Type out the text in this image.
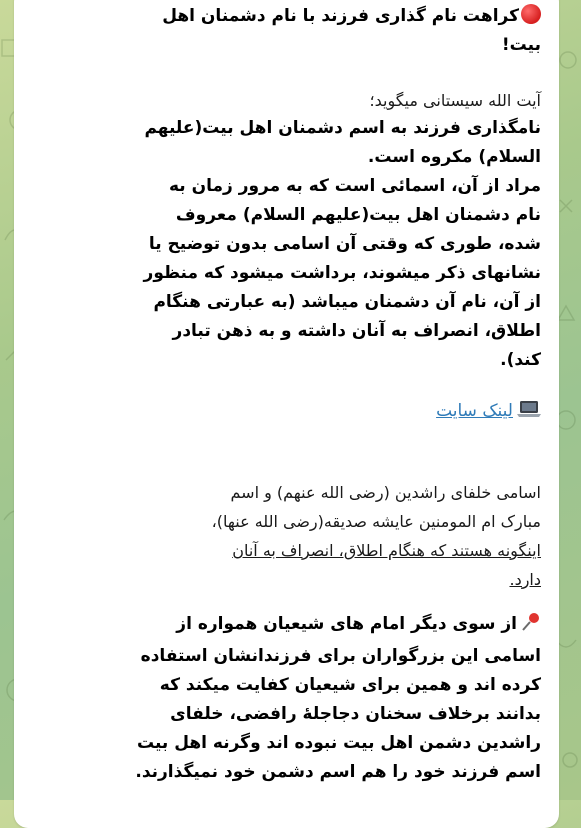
کراهت نام گذاری فرزند با نام دشمنان اهل
بیت!
آیت الله سیستانی میگوید؛
نامگذاری فرزند به اسم دشمنان اهل بیت(علیهم
السلام) مکروه است.
مراد از آن، اسمائی است که به مرور زمان به
نام دشمنان اهل بیت(علیهم السلام) معروف
شده، طوری که وقتی آن اسامی بدون توضیح یا
نشانهای ذکر میشوند، برداشت میشود که منظور
از آن، نام آن دشمنان میباشد (به عبارتی هنگام
اطلاق، انصراف به آنان داشته و به ذهن تبادر
کند).
لینک سایت
اسامی خلفای راشدین (رضی الله عنهم) و اسم
مبارک ام المومنین عایشه صدیقه(رضی الله عنها)،
اینگونه هستند که هنگام اطلاق، انصراف به آنان
دارد.
از سوی دیگر امام های شیعیان همواره از
اسامی این بزرگواران برای فرزندانشان استفاده
کرده اند و همین برای شیعیان کفایت میکند که
بدانند برخلاف سخنان دجاجلهٔ رافضی، خلفای
راشدین دشمن اهل بیت نبوده اند وگرنه اهل بیت
اسم فرزند خود را هم اسم دشمن خود نمیگذارند.
